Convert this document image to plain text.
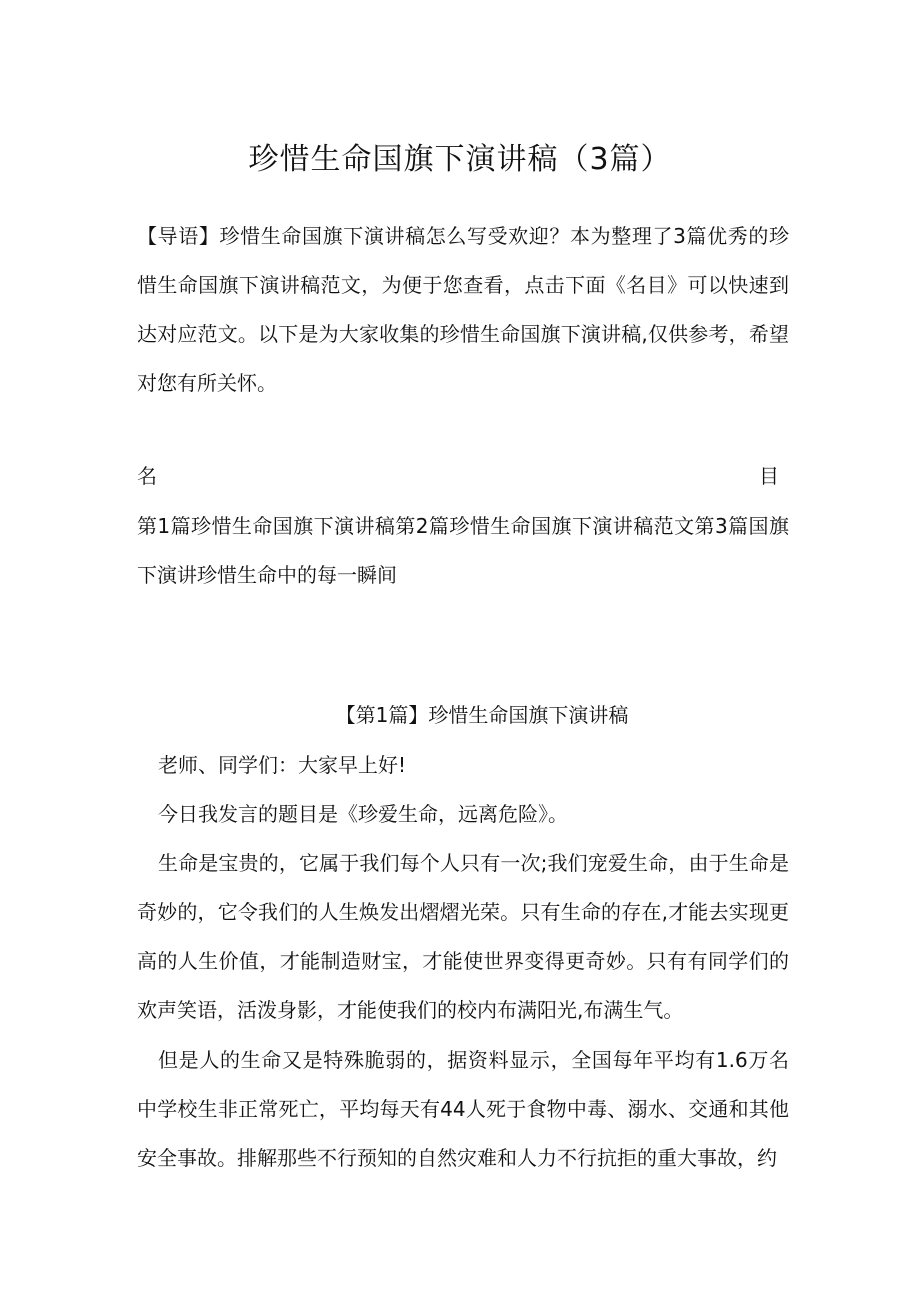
珍惜生命国旗下演讲稿（3篇）
【导语】珍惜生命国旗下演讲稿怎么写受欢迎？本为整理了3篇优秀的珍惜生命国旗下演讲稿范文，为便于您查看，点击下面《名目》可以快速到达对应范文。以下是为大家收集的珍惜生命国旗下演讲稿,仅供参考，希望对您有所关怀。
名	目
第1篇珍惜生命国旗下演讲稿第2篇珍惜生命国旗下演讲稿范文第3篇国旗下演讲珍惜生命中的每一瞬间
【第1篇】珍惜生命国旗下演讲稿
老师、同学们：大家早上好!
今日我发言的题目是《珍爱生命，远离危险》。
生命是宝贵的，它属于我们每个人只有一次;我们宠爱生命，由于生命是奇妙的，它令我们的人生焕发出熠熠光荣。只有生命的存在,才能去实现更高的人生价值，才能制造财宝，才能使世界变得更奇妙。只有有同学们的欢声笑语，活泼身影，才能使我们的校内布满阳光,布满生气。
但是人的生命又是特殊脆弱的，据资料显示，全国每年平均有1.6万名中学校生非正常死亡，平均每天有44人死于食物中毒、溺水、交通和其他安全事故。排解那些不行预知的自然灾难和人力不行抗拒的重大事故，约
